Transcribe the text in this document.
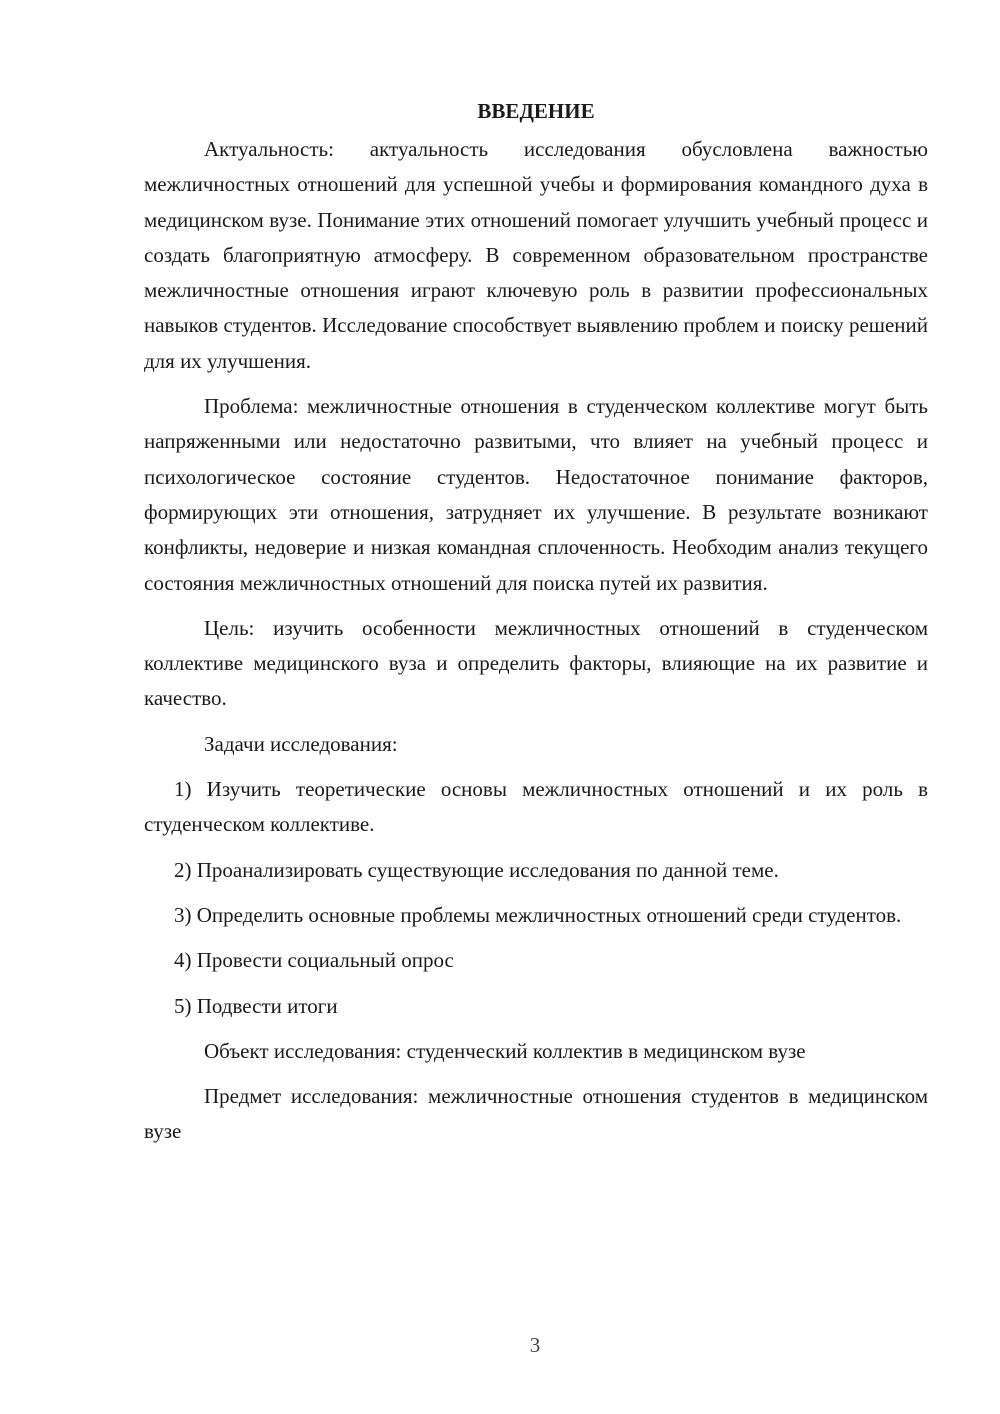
ВВЕДЕНИЕ

Актуальность: актуальность исследования обусловлена важностью межличностных отношений для успешной учебы и формирования командного духа в медицинском вузе. Понимание этих отношений помогает улучшить учебный процесс и создать благоприятную атмосферу. В современном образовательном пространстве межличностные отношения играют ключевую роль в развитии профессиональных навыков студентов. Исследование способствует выявлению проблем и поиску решений для их улучшения.

Проблема: межличностные отношения в студенческом коллективе могут быть напряженными или недостаточно развитыми, что влияет на учебный процесс и психологическое состояние студентов. Недостаточное понимание факторов, формирующих эти отношения, затрудняет их улучшение. В результате возникают конфликты, недоверие и низкая командная сплоченность. Необходим анализ текущего состояния межличностных отношений для поиска путей их развития.

Цель: изучить особенности межличностных отношений в студенческом коллективе медицинского вуза и определить факторы, влияющие на их развитие и качество.

Задачи исследования:

1) Изучить теоретические основы межличностных отношений и их роль в студенческом коллективе.

2) Проанализировать существующие исследования по данной теме.

3) Определить основные проблемы межличностных отношений среди студентов.

4) Провести социальный опрос

5) Подвести итоги

Объект исследования: студенческий коллектив в медицинском вузе

Предмет исследования: межличностные отношения студентов в медицинском вузе

3
